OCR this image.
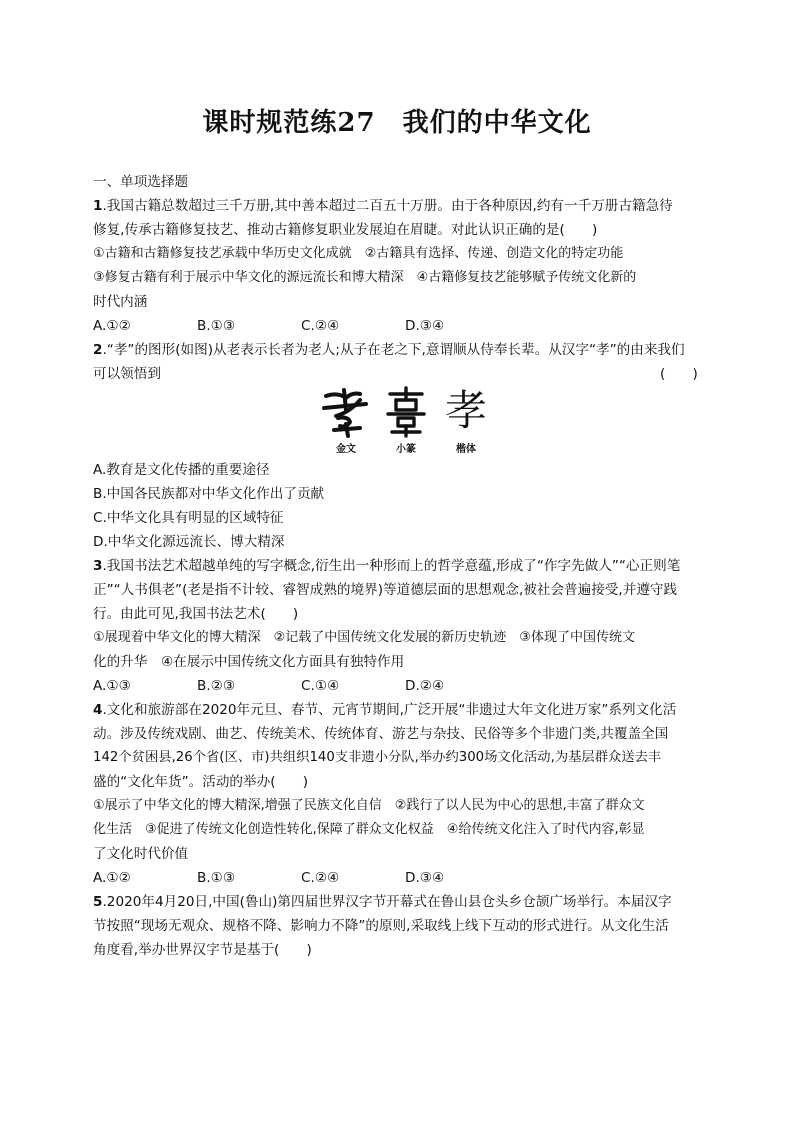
课时规范练27　我们的中华文化
一、单项选择题
1.我国古籍总数超过三千万册,其中善本超过二百五十万册。由于各种原因,约有一千万册古籍急待
修复,传承古籍修复技艺、推动古籍修复职业发展迫在眉睫。对此认识正确的是(　　)
①古籍和古籍修复技艺承载中华历史文化成就　②古籍具有选择、传递、创造文化的特定功能
③修复古籍有利于展示中华文化的源远流长和博大精深　④古籍修复技艺能够赋予传统文化新的
时代内涵
A.①②	B.①③	C.②④	D.③④
2.“孝”的图形(如图)从老表示长者为老人;从子在老之下,意谓顺从侍奉长辈。从汉字“孝”的由来我们
可以领悟到	(　　)
金文	小篆
孝
楷体
A.教育是文化传播的重要途径
B.中国各民族都对中华文化作出了贡献
C.中华文化具有明显的区域特征
D.中华文化源远流长、博大精深
3.我国书法艺术超越单纯的写字概念,衍生出一种形而上的哲学意蕴,形成了“作字先做人”“心正则笔
正”“人书俱老”(老是指不计较、睿智成熟的境界)等道德层面的思想观念,被社会普遍接受,并遵守践
行。由此可见,我国书法艺术(　　)
①展现着中华文化的博大精深　②记载了中国传统文化发展的新历史轨迹　③体现了中国传统文
化的升华　④在展示中国传统文化方面具有独特作用
A.①③	B.②③	C.①④	D.②④
4.文化和旅游部在2020年元旦、春节、元宵节期间,广泛开展“非遗过大年文化进万家”系列文化活
动。涉及传统戏剧、曲艺、传统美术、传统体育、游艺与杂技、民俗等多个非遗门类,共覆盖全国
142个贫困县,26个省(区、市)共组织140支非遗小分队,举办约300场文化活动,为基层群众送去丰
盛的“文化年货”。活动的举办(　　)
①展示了中华文化的博大精深,增强了民族文化自信　②践行了以人民为中心的思想,丰富了群众文
化生活　③促进了传统文化创造性转化,保障了群众文化权益　④给传统文化注入了时代内容,彰显
了文化时代价值
A.①②	B.①③	C.②④	D.③④
5.2020年4月20日,中国(鲁山)第四届世界汉字节开幕式在鲁山县仓头乡仓颉广场举行。本届汉字
节按照“现场无观众、规格不降、影响力不降”的原则,采取线上线下互动的形式进行。从文化生活
角度看,举办世界汉字节是基于(　　)
